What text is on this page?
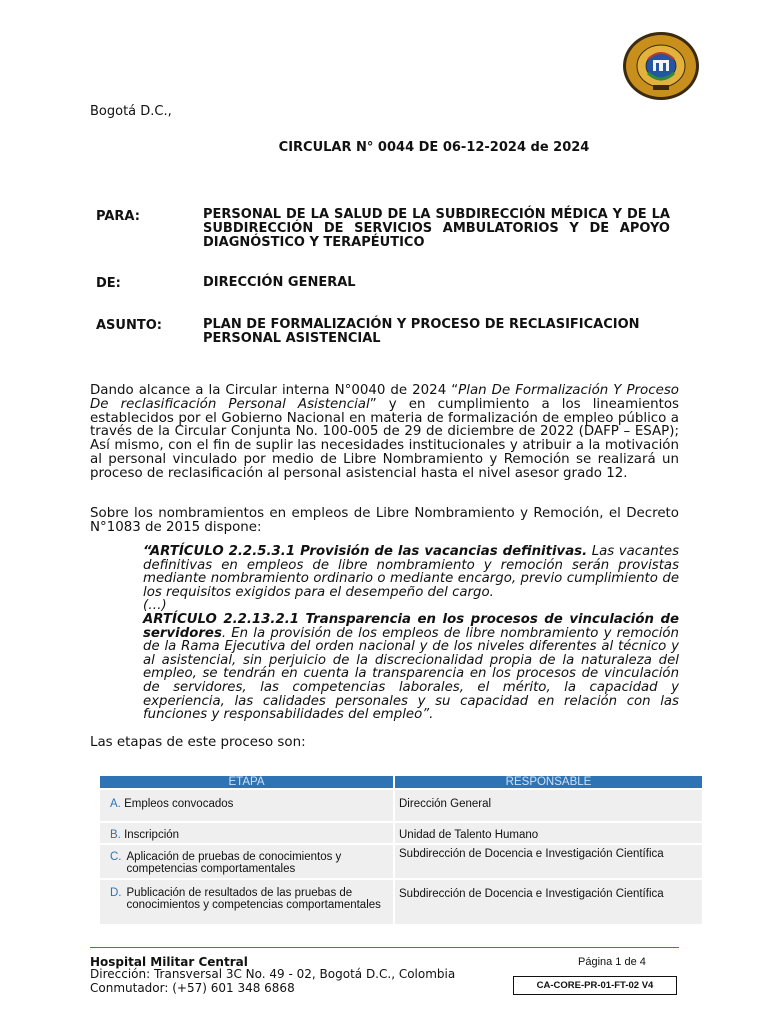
Bogotá D.C.,
CIRCULAR N° 0044 DE 06-12-2024 de 2024
PARA:	PERSONAL DE LA SALUD DE LA SUBDIRECCIÓN MÉDICA Y DE LA SUBDIRECCIÓN DE SERVICIOS AMBULATORIOS Y DE APOYO DIAGNÓSTICO Y TERAPÉUTICO
DE:	DIRECCIÓN GENERAL
ASUNTO:	PLAN DE FORMALIZACIÓN Y PROCESO DE RECLASIFICACION
PERSONAL ASISTENCIAL
Dando alcance a la Circular interna N°0040 de 2024 “Plan De Formalización Y Proceso De reclasificación Personal Asistencial” y en cumplimiento a los lineamientos establecidos por el Gobierno Nacional en materia de formalización de empleo público a través de la Circular Conjunta No. 100-005 de 29 de diciembre de 2022 (DAFP – ESAP); Así mismo, con el fin de suplir las necesidades institucionales y atribuir a la motivación al personal vinculado por medio de Libre Nombramiento y Remoción se realizará un proceso de reclasificación al personal asistencial hasta el nivel asesor grado 12.
Sobre los nombramientos en empleos de Libre Nombramiento y Remoción, el Decreto N°1083 de 2015 dispone:
“ARTÍCULO 2.2.5.3.1 Provisión de las vacancias definitivas. Las vacantes definitivas en empleos de libre nombramiento y remoción serán provistas mediante nombramiento ordinario o mediante encargo, previo cumplimiento de los requisitos exigidos para el desempeño del cargo.
(…)
ARTÍCULO 2.2.13.2.1 Transparencia en los procesos de vinculación de servidores. En la provisión de los empleos de libre nombramiento y remoción de la Rama Ejecutiva del orden nacional y de los niveles diferentes al técnico y al asistencial, sin perjuicio de la discrecionalidad propia de la naturaleza del empleo, se tendrán en cuenta la transparencia en los procesos de vinculación de servidores, las competencias laborales, el mérito, la capacidad y experiencia, las calidades personales y su capacidad en relación con las funciones y responsabilidades del empleo”.
Las etapas de este proceso son:
ETAPA	RESPONSABLE
A. Empleos convocados	Dirección General
B. Inscripción	Unidad de Talento Humano

C. Aplicación de pruebas de conocimientos y competencias comportamentales	Subdirección de Docencia e Investigación Científica

D. Publicación de resultados de las pruebas de conocimientos y competencias comportamentales	Subdirección de Docencia e Investigación Científica
Hospital Militar Central
Dirección: Transversal 3C No. 49 - 02, Bogotá D.C., Colombia
Conmutador: (+57) 601 348 6868
Página 1 de 4
CA-CORE-PR-01-FT-02 V4
